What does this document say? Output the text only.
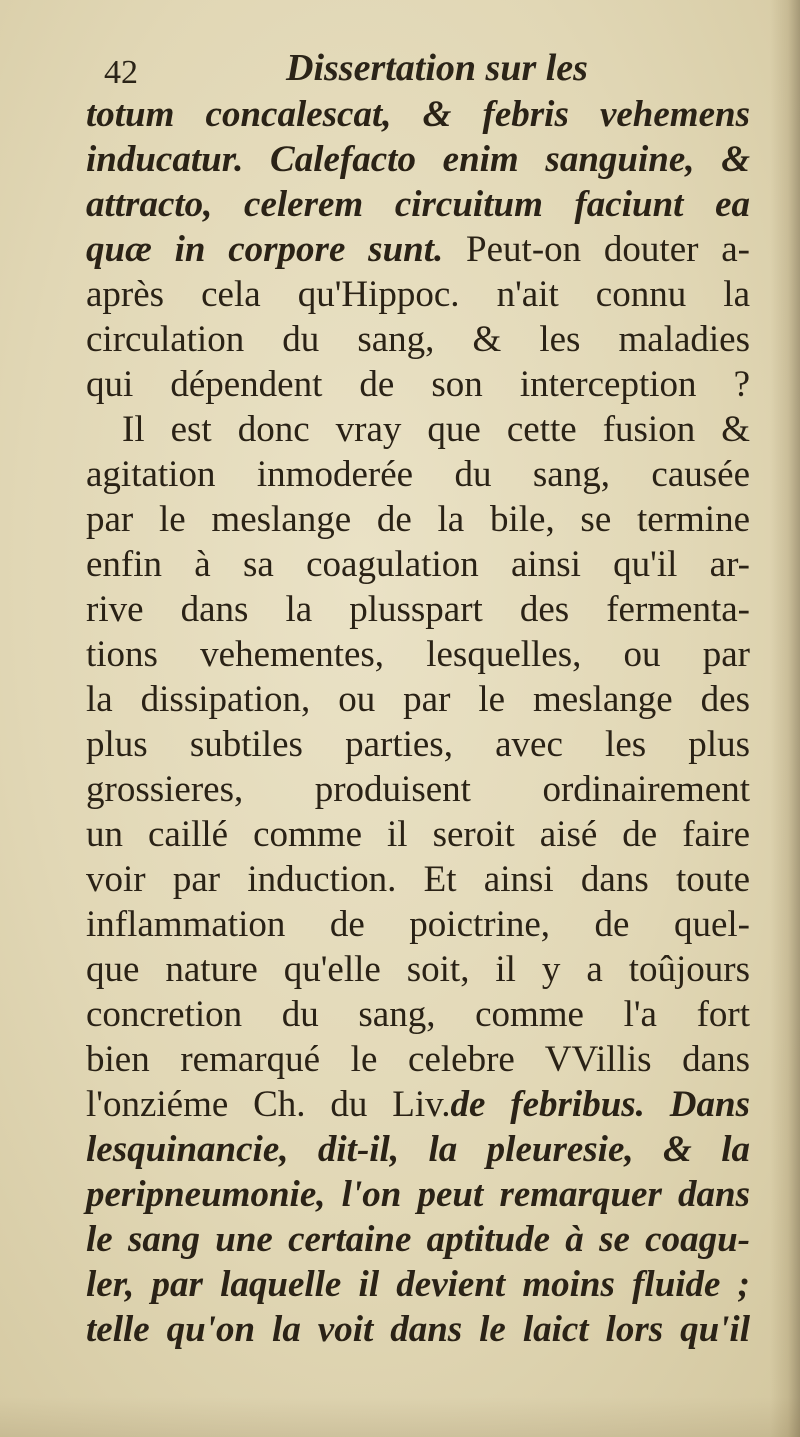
42	Dissertation sur les
totum concalescat, & febris vehemens
inducatur. Calefacto enim sanguine, &
attracto, celerem circuitum faciunt ea
quæ in corpore sunt. Peut-on douter a-
après cela qu'Hippoc. n'ait connu la
circulation du sang, & les maladies
qui dépendent de son interception ?
Il est donc vray que cette fusion &
agitation inmoderée du sang, causée
par le meslange de la bile, se termine
enfin à sa coagulation ainsi qu'il ar-
rive dans la plusspart des fermenta-
tions vehementes, lesquelles, ou par
la dissipation, ou par le meslange des
plus subtiles parties, avec les plus
grossieres, produisent ordinairement
un caillé comme il seroit aisé de faire
voir par induction. Et ainsi dans toute
inflammation de poictrine, de quel-
que nature qu'elle soit, il y a toûjours
concretion du sang, comme l'a fort
bien remarqué le celebre VVillis dans
l'onziéme Ch. du Liv.de febribus. Dans
lesquinancie, dit-il, la pleuresie, & la
peripneumonie, l'on peut remarquer dans
le sang une certaine aptitude à se coagu-
ler, par laquelle il devient moins fluide ;
telle qu'on la voit dans le laict lors qu'il
